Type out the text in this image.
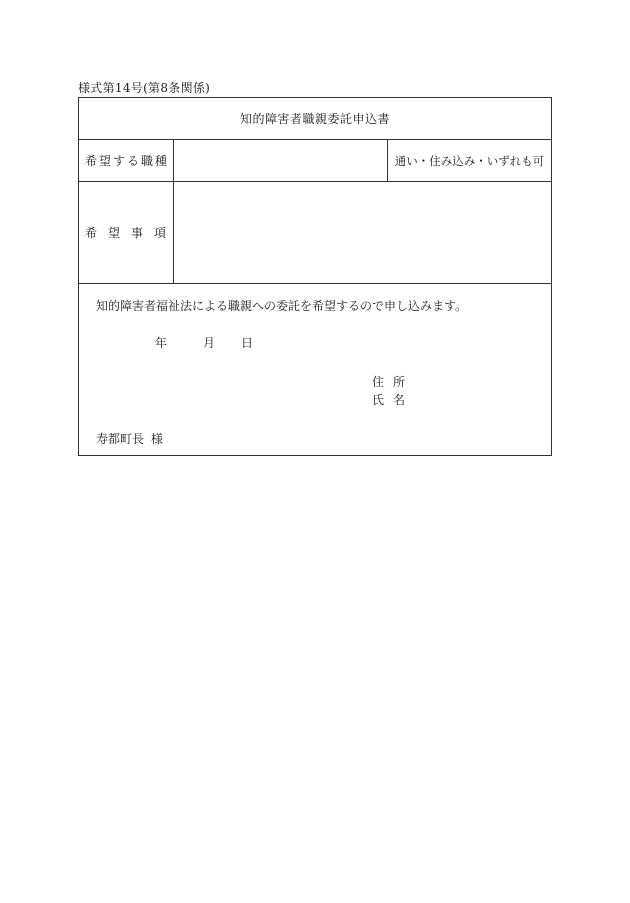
様式第14号(第8条関係)
知的障害者職親委託申込書
希望する職種	通い・住み込み・いずれも可
希望事項
知的障害者福祉法による職親への委託を希望するので申し込みます。
年	月 日
住所
氏名
寿都町長 様
